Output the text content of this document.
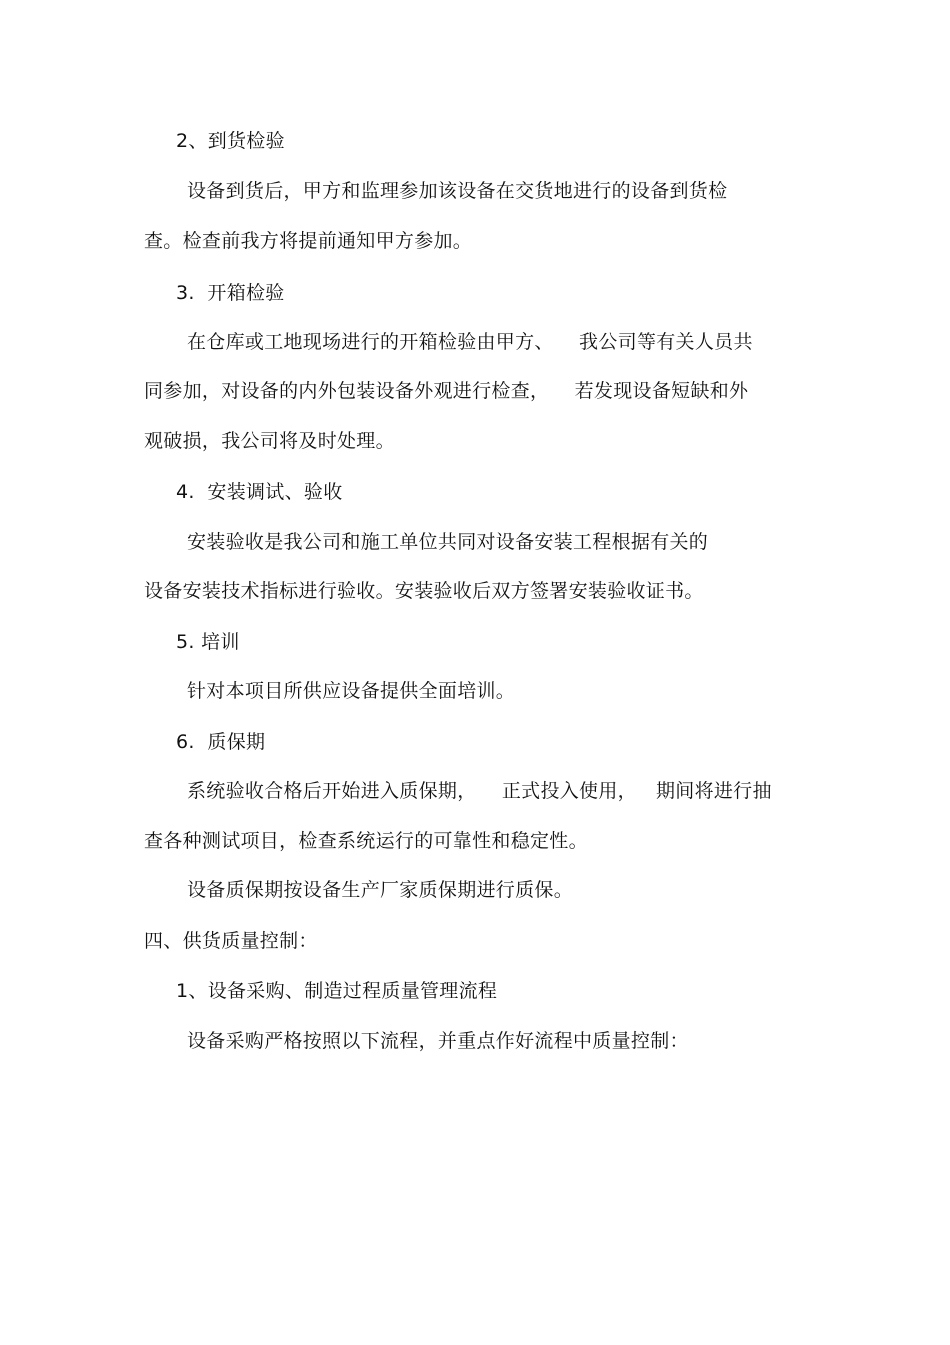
2、到货检验
设备到货后，甲方和监理参加该设备在交货地进行的设备到货检
查。检查前我方将提前通知甲方参加。
3.  开箱检验
在仓库或工地现场进行的开箱检验由甲方、    我公司等有关人员共
同参加，对设备的内外包装设备外观进行检查，    若发现设备短缺和外
观破损，我公司将及时处理。
4.  安装调试、验收
安装验收是我公司和施工单位共同对设备安装工程根据有关的
设备安装技术指标进行验收。安装验收后双方签署安装验收证书。
5. 培训
针对本项目所供应设备提供全面培训。
6.  质保期
系统验收合格后开始进入质保期，    正式投入使用，   期间将进行抽
查各种测试项目，检查系统运行的可靠性和稳定性。
设备质保期按设备生产厂家质保期进行质保。
四、供货质量控制：
1、设备采购、制造过程质量管理流程
设备采购严格按照以下流程，并重点作好流程中质量控制：
